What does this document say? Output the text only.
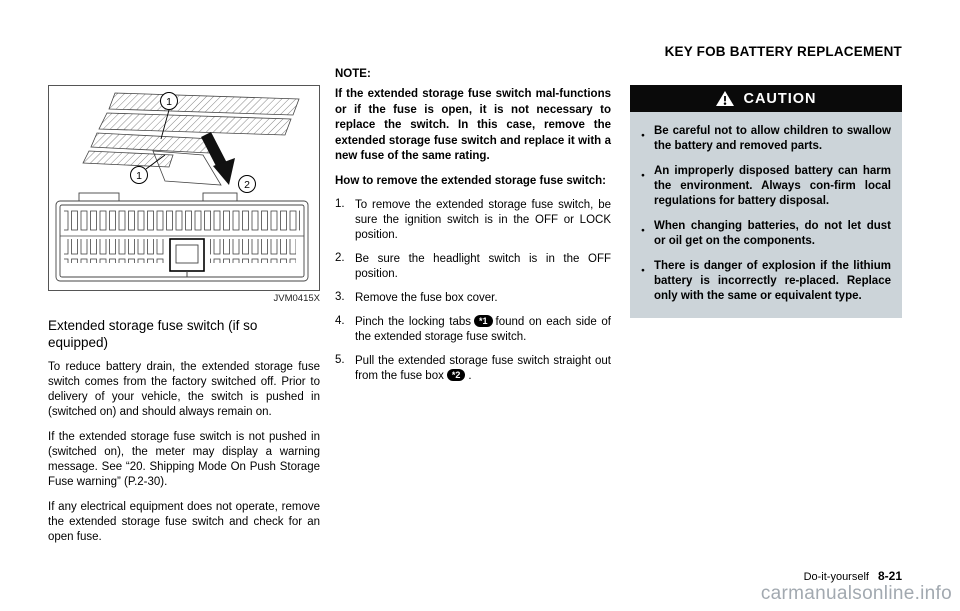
KEY FOB BATTERY REPLACEMENT
1
1
2
JVM0415X
Extended storage fuse switch (if so equipped)

To reduce battery drain, the extended storage fuse switch comes from the factory switched off. Prior to delivery of your vehicle, the switch is pushed in (switched on) and should always remain on.

If the extended storage fuse switch is not pushed in (switched on), the meter may display a warning message. See “20. Shipping Mode On Push Storage Fuse warning” (P.2-30).

If any electrical equipment does not operate, remove the extended storage fuse switch and check for an open fuse.

NOTE:

If the extended storage fuse switch mal-functions or if the fuse is open, it is not necessary to replace the switch. In this case, remove the extended storage fuse switch and replace it with a new fuse of the same rating.

How to remove the extended storage fuse switch:

1. To remove the extended storage fuse switch, be sure the ignition switch is in the OFF or LOCK position.
2. Be sure the headlight switch is in the OFF position.
3. Remove the fuse box cover.
4. Pinch the locking tabs *1 found on each side of the extended storage fuse switch.
5. Pull the extended storage fuse switch straight out from the fuse box *2 .
CAUTION
● Be careful not to allow children to swallow the battery and removed parts.
● An improperly disposed battery can harm the environment. Always con-firm local regulations for battery disposal.
● When changing batteries, do not let dust or oil get on the components.
● There is danger of explosion if the lithium battery is incorrectly re-placed. Replace only with the same or equivalent type.
Do-it-yourself 8-21
carmanualsonline.info
